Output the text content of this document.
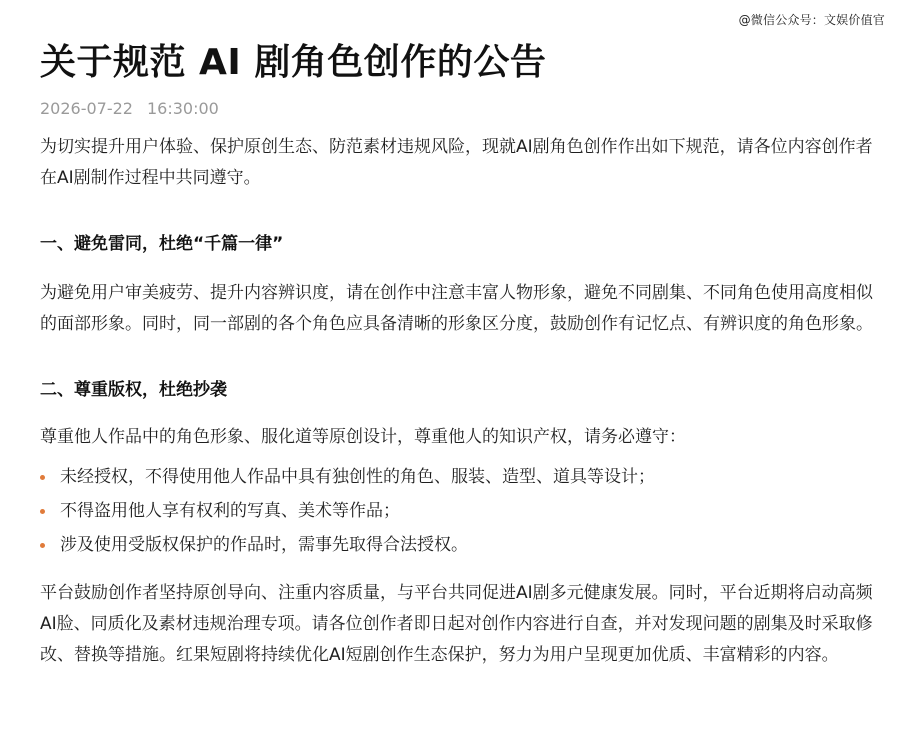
@微信公众号：文娱价值官
关于规范 AI 剧角色创作的公告
2026-07-22 16:30:00

为切实提升用户体验、保护原创生态、防范素材违规风险，现就AI剧角色创作作出如下规范，请各位内容创作者在AI剧制作过程中共同遵守。

一、避免雷同，杜绝“千篇一律”

为避免用户审美疲劳、提升内容辨识度，请在创作中注意丰富人物形象，避免不同剧集、不同角色使用高度相似的面部形象。同时，同一部剧的各个角色应具备清晰的形象区分度，鼓励创作有记忆点、有辨识度的角色形象。

二、尊重版权，杜绝抄袭

尊重他人作品中的角色形象、服化道等原创设计，尊重他人的知识产权，请务必遵守：

未经授权，不得使用他人作品中具有独创性的角色、服装、造型、道具等设计；
不得盗用他人享有权利的写真、美术等作品；
涉及使用受版权保护的作品时，需事先取得合法授权。

平台鼓励创作者坚持原创导向、注重内容质量，与平台共同促进AI剧多元健康发展。同时，平台近期将启动高频AI脸、同质化及素材违规治理专项。请各位创作者即日起对创作内容进行自查，并对发现问题的剧集及时采取修改、替换等措施。红果短剧将持续优化AI短剧创作生态保护，努力为用户呈现更加优质、丰富精彩的内容。
